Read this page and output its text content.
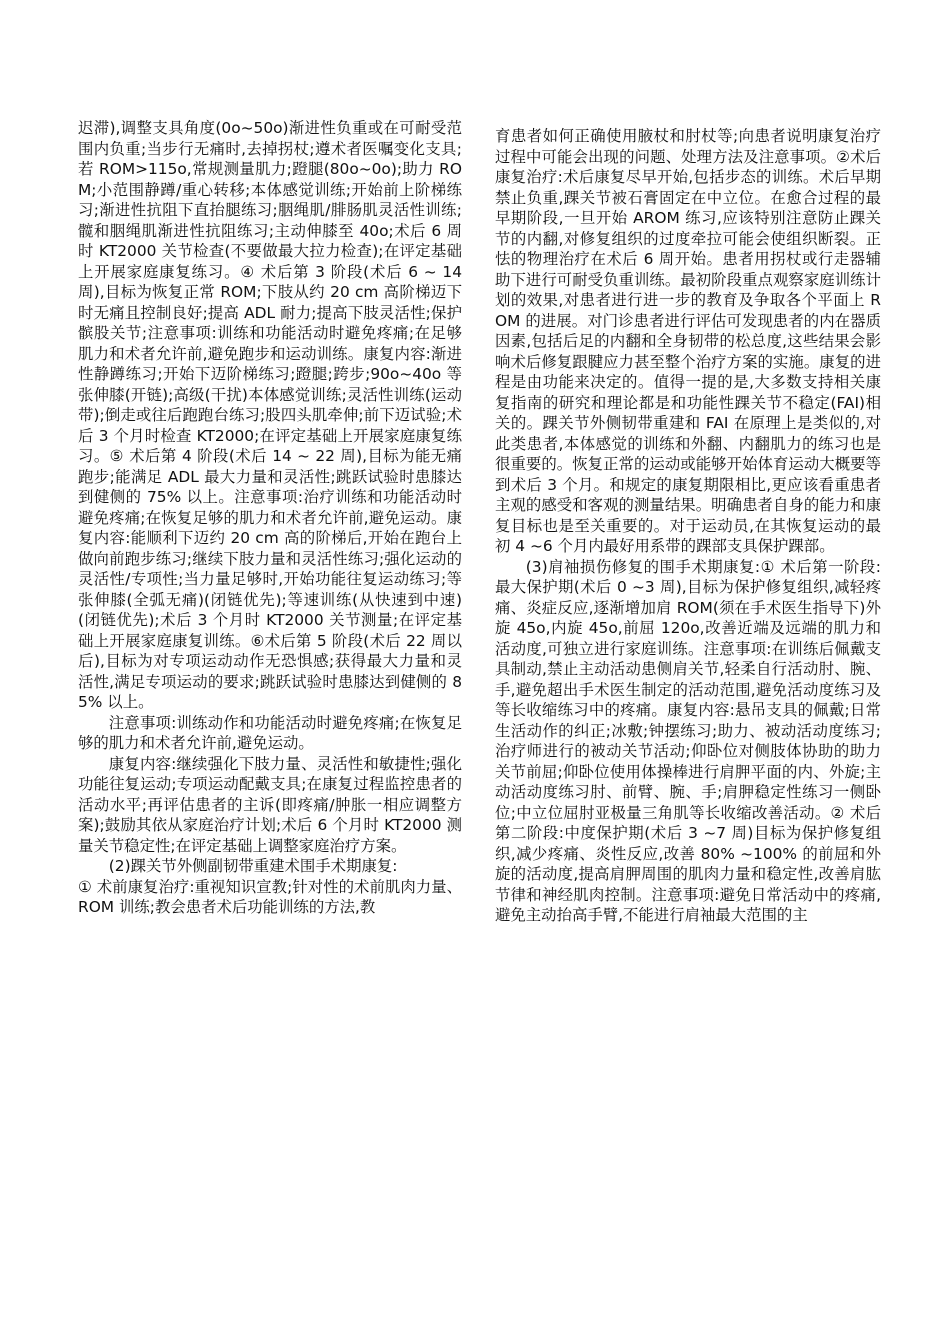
迟滞),调整支具角度(0o~50o)渐进性负重或在可耐受范围内负重;当步行无痛时,去掉拐杖;遵术者医嘱变化支具;若 ROM>115o,常规测量肌力;蹬腿(80o~0o);助力 ROM;小范围静蹲/重心转移;本体感觉训练;开始前上阶梯练习;渐进性抗阻下直抬腿练习;胭绳肌/腓肠肌灵活性训练;髋和胭绳肌渐进性抗阻练习;主动伸膝至 40o;术后 6 周时 KT2000 关节检查(不要做最大拉力检查);在评定基础上开展家庭康复练习。④ 术后第 3 阶段(术后 6 ~ 14 周),目标为恢复正常 ROM;下肢从约 20 cm 高阶梯迈下时无痛且控制良好;提高 ADL 耐力;提高下肢灵活性;保护髌股关节;注意事项:训练和功能活动时避免疼痛;在足够肌力和术者允许前,避免跑步和运动训练。康复内容:渐进性静蹲练习;开始下迈阶梯练习;蹬腿;跨步;90o~40o 等张伸膝(开链);高级(干扰)本体感觉训练;灵活性训练(运动带);倒走或往后跑跑台练习;股四头肌牵伸;前下迈试验;术后 3 个月时检查 KT2000;在评定基础上开展家庭康复练习。⑤ 术后第 4 阶段(术后 14 ~ 22 周),目标为能无痛跑步;能满足 ADL 最大力量和灵活性;跳跃试验时患膝达到健侧的 75% 以上。注意事项:治疗训练和功能活动时避免疼痛;在恢复足够的肌力和术者允许前,避免运动。康复内容:能顺利下迈约 20 cm 高的阶梯后,开始在跑台上做向前跑步练习;继续下肢力量和灵活性练习;强化运动的灵活性/专项性;当力量足够时,开始功能往复运动练习;等张伸膝(全弧无痛)(闭链优先);等速训练(从快速到中速)(闭链优先);术后 3 个月时 KT2000 关节测量;在评定基础上开展家庭康复训练。⑥术后第 5 阶段(术后 22 周以后),目标为对专项运动动作无恐惧感;获得最大力量和灵活性,满足专项运动的要求;跳跃试验时患膝达到健侧的 85% 以上。

注意事项:训练动作和功能活动时避免疼痛;在恢复足够的肌力和术者允许前,避免运动。

康复内容:继续强化下肢力量、灵活性和敏捷性;强化功能往复运动;专项运动配戴支具;在康复过程监控患者的活动水平;再评估患者的主诉(即疼痛/肿胀一相应调整方案);鼓励其依从家庭治疗计划;术后 6 个月时 KT2000 测量关节稳定性;在评定基础上调整家庭治疗方案。

(2)踝关节外侧副韧带重建术围手术期康复:

① 术前康复治疗:重视知识宣教;针对性的术前肌肉力量、ROM 训练;教会患者术后功能训练的方法,教

育患者如何正确使用腋杖和肘杖等;向患者说明康复治疗过程中可能会出现的问题、处理方法及注意事项。②术后康复治疗:术后康复尽早开始,包括步态的训练。术后早期禁止负重,踝关节被石膏固定在中立位。在愈合过程的最早期阶段,一旦开始 AROM 练习,应该特别注意防止踝关节的内翻,对修复组织的过度牵拉可能会使组织断裂。正怯的物理治疗在术后 6 周开始。患者用拐杖或行走器辅助下进行可耐受负重训练。最初阶段重点观察家庭训练计划的效果,对患者进行进一步的教育及争取各个平面上 ROM 的进展。对门诊患者进行评估可发现患者的内在器质因素,包括后足的内翻和全身韧带的松总度,这些结果会影响术后修复跟腱应力甚至整个治疗方案的实施。康复的进程是由功能来决定的。值得一提的是,大多数支持相关康复指南的研究和理论都是和功能性踝关节不稳定(FAI)相关的。踝关节外侧韧带重建和 FAI 在原理上是类似的,对此类患者,本体感觉的训练和外翻、内翻肌力的练习也是很重要的。恢复正常的运动或能够开始体育运动大概要等到术后 3 个月。和规定的康复期限相比,更应该看重患者主观的感受和客观的测量结果。明确患者自身的能力和康复目标也是至关重要的。对于运动员,在其恢复运动的最初 4 ~6 个月内最好用系带的踝部支具保护踝部。

(3)肩袖损伤修复的围手术期康复:① 术后第一阶段:最大保护期(术后 0 ~3 周),目标为保护修复组织,减轻疼痛、炎症反应,逐渐增加肩 ROM(须在手术医生指导下)外旋 45o,内旋 45o,前屈 120o,改善近端及远端的肌力和活动度,可独立进行家庭训练。注意事项:在训练后佩戴支具制动,禁止主动活动患侧肩关节,轻柔自行活动肘、腕、手,避免超出手术医生制定的活动范围,避免活动度练习及等长收缩练习中的疼痛。康复内容:悬吊支具的佩戴;日常生活动作的纠正;冰敷;钟摆练习;助力、被动活动度练习;治疗师进行的被动关节活动;仰卧位对侧肢体协助的助力关节前屈;仰卧位使用体操棒进行肩胛平面的内、外旋;主动活动度练习肘、前臂、腕、手;肩胛稳定性练习一侧卧位;中立位屈肘亚极量三角肌等长收缩改善活动。② 术后第二阶段:中度保护期(术后 3 ~7 周)目标为保护修复组织,减少疼痛、炎性反应,改善 80% ~100% 的前屈和外旋的活动度,提高肩胛周围的肌肉力量和稳定性,改善肩肱节律和神经肌肉控制。注意事项:避免日常活动中的疼痛,避免主动抬高手臂,不能进行肩袖最大范围的主
